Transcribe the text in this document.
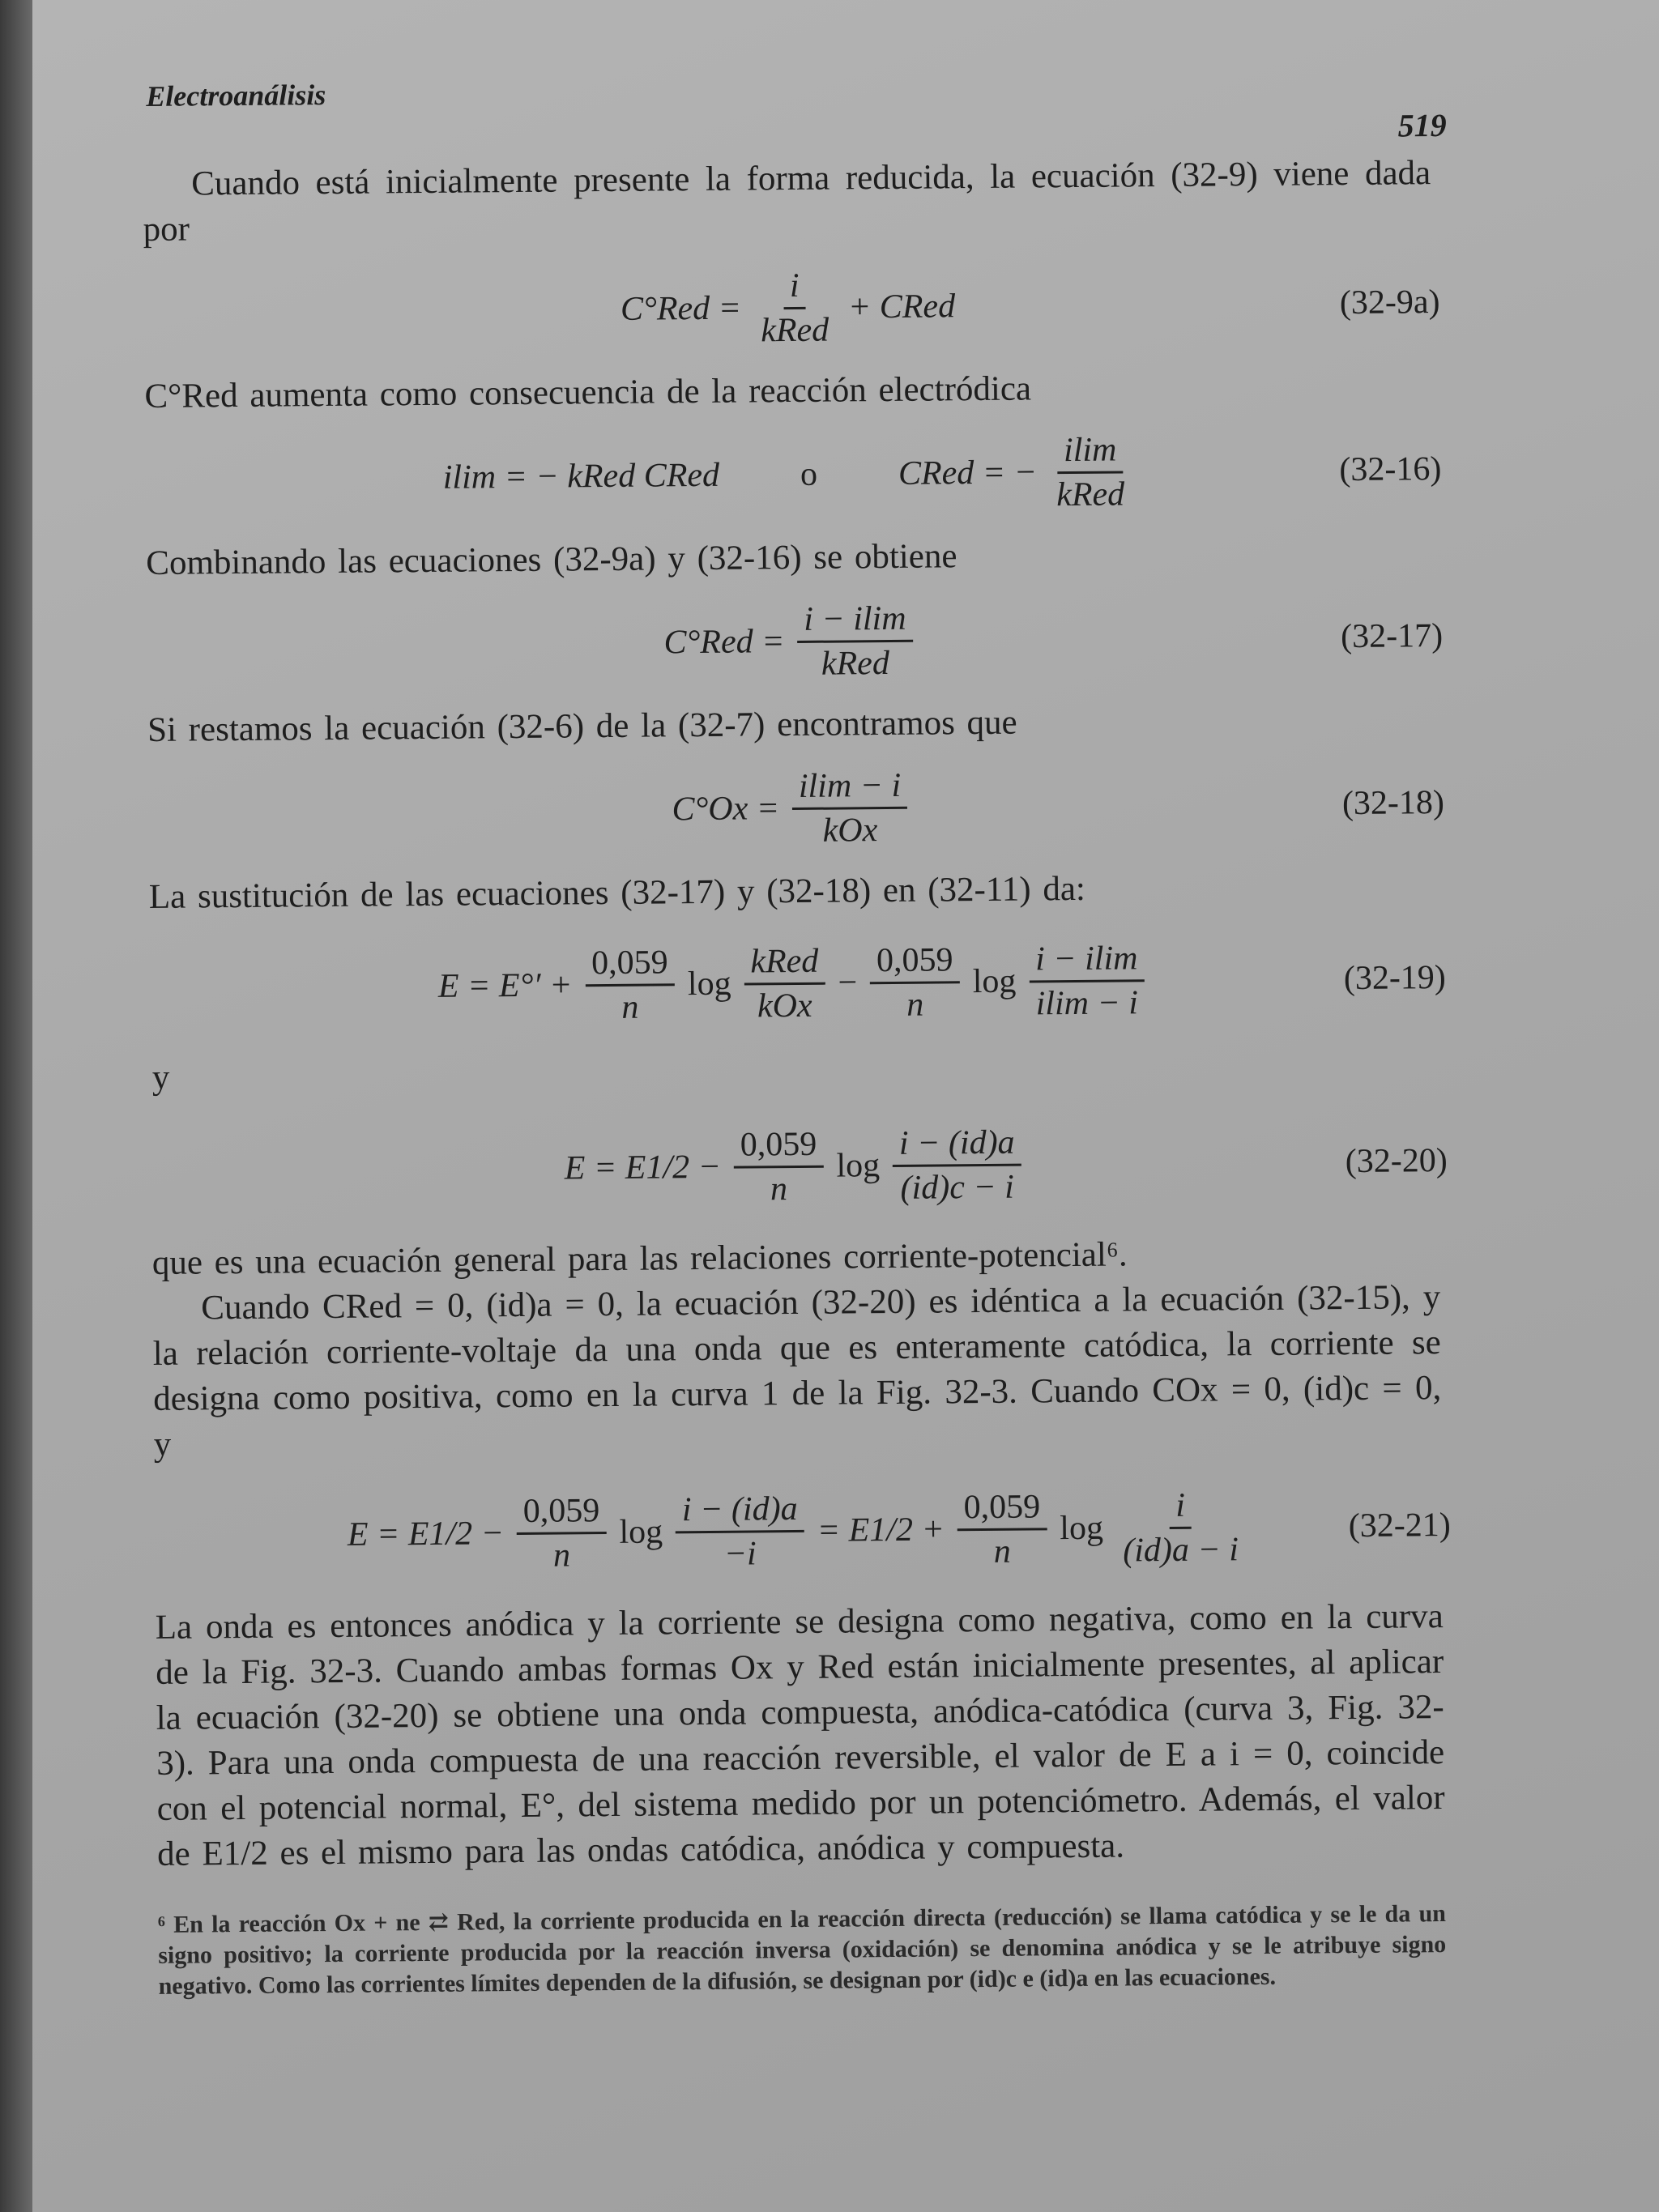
Electroanálisis
519

Cuando está inicialmente presente la forma reducida, la ecuación (32-9) viene dada por

$C^\circ Red = \frac{i}{\text{kRed}}$ + CRed	(32-9a)

C°Red aumenta como consecuencia de la reacción electródica

ilim = − kRed CRed o CRed = − $\frac{ilim}{\text{kRed}}$	(32-16)

Combinando las ecuaciones (32-9a) y (32-16) se obtiene

$C^\circ Red = \frac{i - ilim}{\text{kRed}}$	(32-17)

Si restamos la ecuación (32-6) de la (32-7) encontramos que

$C^\circ Ox = \frac{ilim - i}{\text{kOx}}$	(32-18)

La sustitución de las ecuaciones (32-17) y (32-18) en (32-11) da:

$E = E^\circ' + \frac{0,059}{n}$ $\log \frac{\text{kRed}}{\text{kOx}} - \frac{0,059}{n}$ $\log \frac{i - ilim}{ilim - i}$	(32-19)
y
$E = E1/2 - \frac{0,059}{n}$ $\log \frac{i - (id)a}{(id)c - i}$	(32-20)

que es una ecuación general para las relaciones corriente-potencial⁶.

Cuando CRed = 0, (id)a = 0, la ecuación (32-20) es idéntica a la ecuación (32-15), y la relación corriente-voltaje da una onda que es enteramente catódica, la corriente se designa como positiva, como en la curva 1 de la Fig. 32-3. Cuando COx = 0, (id)c = 0, y

$E = E1/2 - \frac{0,059}{n}$ $\log \frac{i - (id)a}{-i} = E1/2 + \frac{0,059}{n}$ $\log \frac{i}{(id)a - i}$	(32-21)

La onda es entonces anódica y la corriente se designa como negativa, como en la curva de la Fig. 32-3. Cuando ambas formas Ox y Red están inicialmente presentes, al aplicar la ecuación (32-20) se obtiene una onda compuesta, anódica-catódica (curva 3, Fig. 32-3). Para una onda compuesta de una reacción reversible, el valor de E a i = 0, coincide con el potencial normal, E°, del sistema medido por un potenciómetro. Además, el valor de E1/2 es el mismo para las ondas catódica, anódica y compuesta.

⁶ En la reacción Ox + ne ⇄ Red, la corriente producida en la reacción directa (reducción) se llama catódica y se le da un signo positivo; la corriente producida por la reacción inversa (oxidación) se denomina anódica y se le atribuye signo negativo. Como las corrientes límites dependen de la difusión, se designan por (id)c e (id)a en las ecuaciones.
